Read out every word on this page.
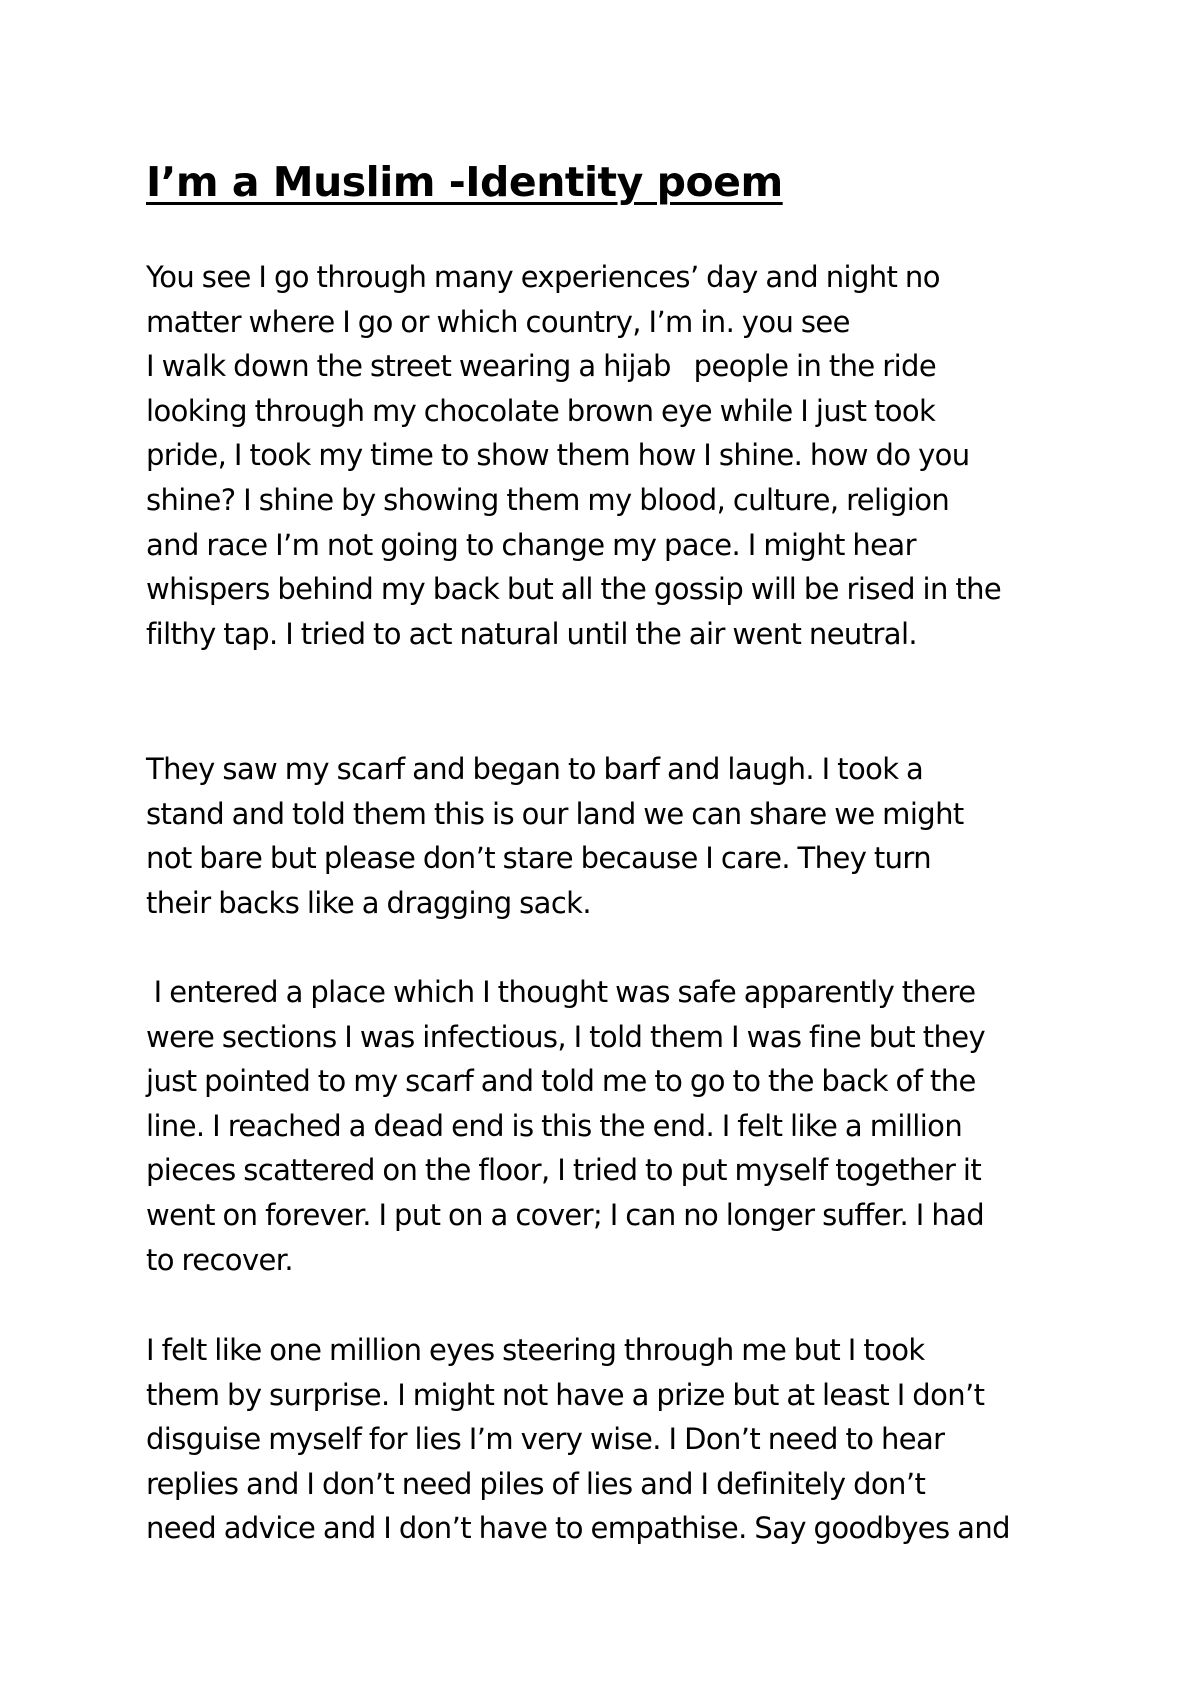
I’m a Muslim -Identity poem
You see I go through many experiences’ day and night no
matter where I go or which country, I’m in. you see
I walk down the street wearing a hijab   people in the ride
looking through my chocolate brown eye while I just took
pride, I took my time to show them how I shine. how do you
shine? I shine by showing them my blood, culture, religion
and race I’m not going to change my pace. I might hear
whispers behind my back but all the gossip will be rised in the
filthy tap. I tried to act natural until the air went neutral.
They saw my scarf and began to barf and laugh. I took a
stand and told them this is our land we can share we might
not bare but please don’t stare because I care. They turn
their backs like a dragging sack.
I entered a place which I thought was safe apparently there
were sections I was infectious, I told them I was fine but they
just pointed to my scarf and told me to go to the back of the
line. I reached a dead end is this the end. I felt like a million
pieces scattered on the floor, I tried to put myself together it
went on forever. I put on a cover; I can no longer suffer. I had
to recover.
I felt like one million eyes steering through me but I took
them by surprise. I might not have a prize but at least I don’t
disguise myself for lies I’m very wise. I Don’t need to hear
replies and I don’t need piles of lies and I definitely don’t
need advice and I don’t have to empathise. Say goodbyes and
